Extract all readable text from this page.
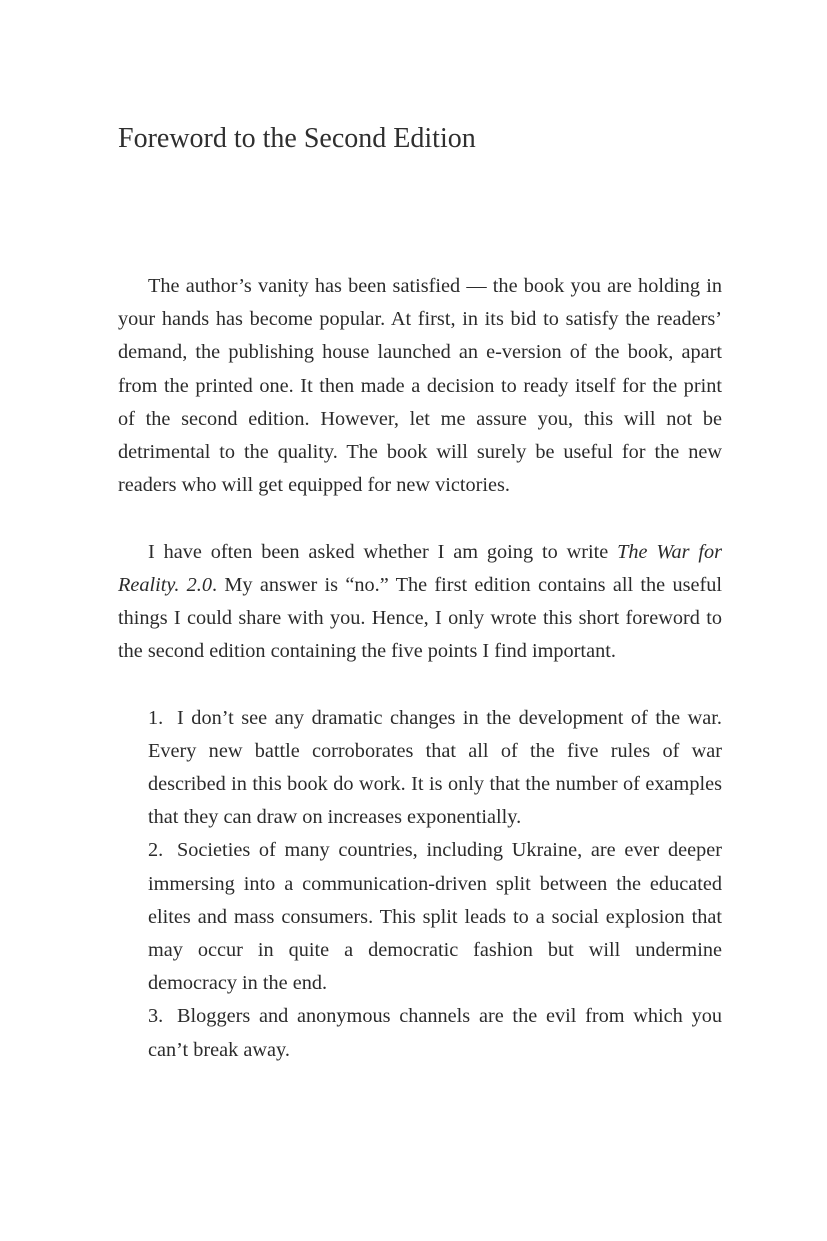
Foreword to the Second Edition

The author’s vanity has been satisfied — the book you are holding in your hands has become popular. At first, in its bid to satisfy the readers’ demand, the publishing house launched an e-version of the book, apart from the printed one. It then made a decision to ready itself for the print of the second edition. However, let me assure you, this will not be detrimental to the quality. The book will surely be useful for the new readers who will get equipped for new victories.

I have often been asked whether I am going to write The War for Reality. 2.0. My answer is “no.” The first edition contains all the useful things I could share with you. Hence, I only wrote this short foreword to the second edition containing the five points I find important.

1. I don’t see any dramatic changes in the development of the war. Every new battle corroborates that all of the five rules of war described in this book do work. It is only that the number of examples that they can draw on increases exponentially.
2. Societies of many countries, including Ukraine, are ever deeper immersing into a communication-driven split between the educated elites and mass consumers. This split leads to a social explosion that may occur in quite a democratic fashion but will undermine democracy in the end.
3. Bloggers and anonymous channels are the evil from which you can’t break away.
